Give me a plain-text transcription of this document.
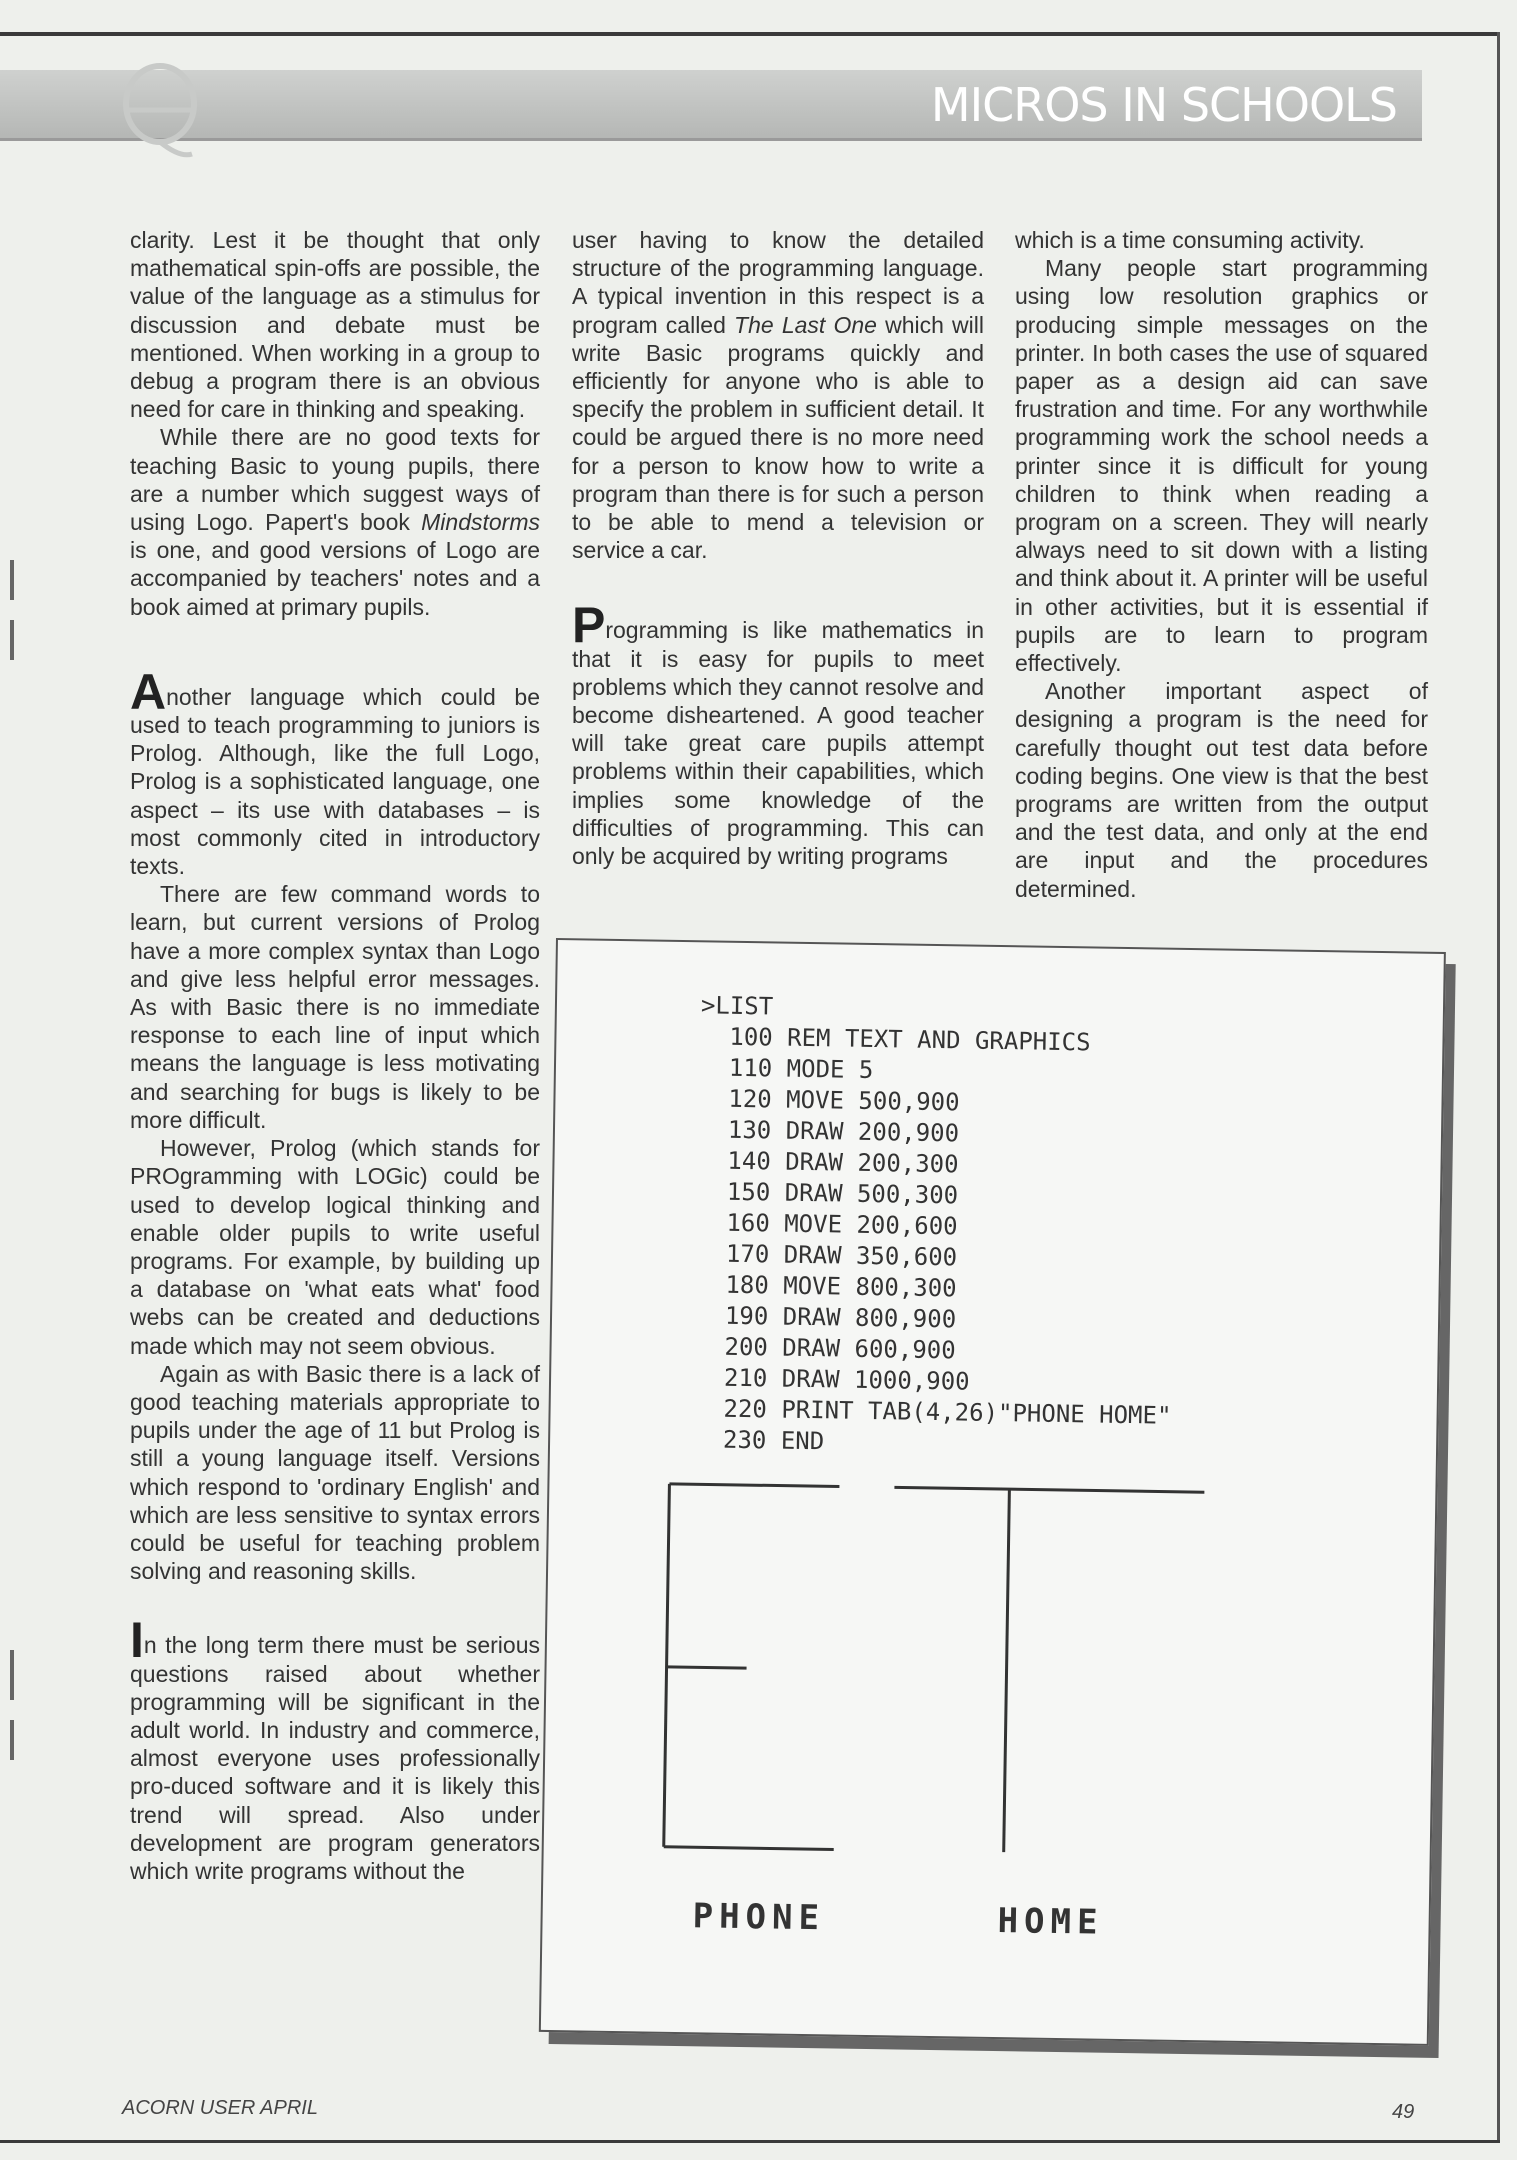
MICROS IN SCHOOLS

clarity. Lest it be thought that only mathematical spin-offs are possible, the value of the language as a stimulus for discussion and debate must be mentioned. When working in a group to debug a program there is an obvious need for care in thinking and speaking.

While there are no good texts for teaching Basic to young pupils, there are a number which suggest ways of using Logo. Papert's book Mindstorms is one, and good versions of Logo are accompanied by teachers' notes and a book aimed at primary pupils.

Another language which could be used to teach programming to juniors is Prolog. Although, like the full Logo, Prolog is a sophisticated language, one aspect – its use with databases – is most commonly cited in introductory texts.

There are few command words to learn, but current versions of Prolog have a more complex syntax than Logo and give less helpful error messages. As with Basic there is no immediate response to each line of input which means the language is less motivating and searching for bugs is likely to be more difficult.

However, Prolog (which stands for PROgramming with LOGic) could be used to develop logical thinking and enable older pupils to write useful programs. For example, by building up a database on 'what eats what' food webs can be created and deductions made which may not seem obvious.

Again as with Basic there is a lack of good teaching materials appropriate to pupils under the age of 11 but Prolog is still a young language itself. Versions which respond to 'ordinary English' and which are less sensitive to syntax errors could be useful for teaching problem solving and reasoning skills.

In the long term there must be serious questions raised about whether programming will be significant in the adult world. In industry and commerce, almost everyone uses professionally pro-duced software and it is likely this trend will spread. Also under development are program generators which write programs without the

user having to know the detailed structure of the programming language. A typical invention in this respect is a program called The Last One which will write Basic programs quickly and efficiently for anyone who is able to specify the problem in sufficient detail. It could be argued there is no more need for a person to know how to write a program than there is for such a person to be able to mend a television or service a car.

Programming is like mathematics in that it is easy for pupils to meet problems which they cannot resolve and become disheartened. A good teacher will take great care pupils attempt problems within their capabilities, which implies some knowledge of the difficulties of programming. This can only be acquired by writing programs

which is a time consuming activity.

Many people start programming using low resolution graphics or producing simple messages on the printer. In both cases the use of squared paper as a design aid can save frustration and time. For any worthwhile programming work the school needs a printer since it is difficult for young children to think when reading a program on a screen. They will nearly always need to sit down with a listing and think about it. A printer will be useful in other activities, but it is essential if pupils are to learn to program effectively.

Another important aspect of designing a program is the need for carefully thought out test data before coding begins. One view is that the best programs are written from the output and the test data, and only at the end are input and the procedures determined.

>LIST
100 REM TEXT AND GRAPHICS
110 MODE 5
120 MOVE 500,900
130 DRAW 200,900
140 DRAW 200,300
150 DRAW 500,300
160 MOVE 200,600
170 DRAW 350,600
180 MOVE 800,300
190 DRAW 800,900
200 DRAW 600,900
210 DRAW 1000,900
220 PRINT TAB(4,26)"PHONE HOME"
230 END
PHONE	HOME
ACORN USER APRIL	49
